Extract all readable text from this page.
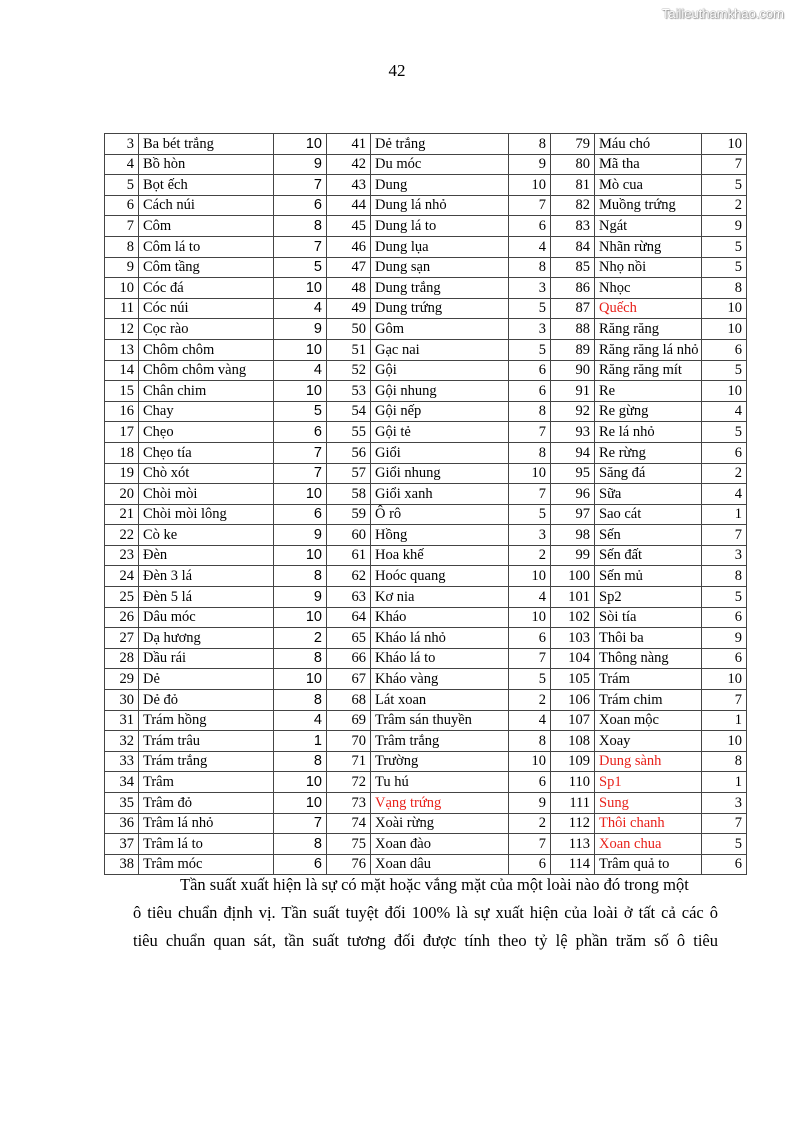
Tailieuthamkhao.com
42
3	Ba bét trắng	10	41	Dẻ trắng	8	79	Máu chó	10
4	Bồ hòn	9	42	Du móc	9	80	Mã tha	7
5	Bọt ếch	7	43	Dung	10	81	Mò cua	5
6	Cách núi	6	44	Dung lá nhỏ	7	82	Muồng trứng	2
7	Côm	8	45	Dung lá to	6	83	Ngát	9
8	Côm lá to	7	46	Dung lụa	4	84	Nhãn rừng	5
9	Côm tầng	5	47	Dung sạn	8	85	Nhọ nồi	5
10	Cóc đá	10	48	Dung trắng	3	86	Nhọc	8
11	Cóc núi	4	49	Dung trứng	5	87	Quếch	10
12	Cọc rào	9	50	Gôm	3	88	Răng răng	10
13	Chôm chôm	10	51	Gạc nai	5	89	Răng răng lá nhỏ	6
14	Chôm chôm vàng	4	52	Gội	6	90	Răng răng mít	5
15	Chân chim	10	53	Gội nhung	6	91	Re	10
16	Chay	5	54	Gội nếp	8	92	Re gừng	4
17	Chẹo	6	55	Gội tẻ	7	93	Re lá nhỏ	5
18	Chẹo tía	7	56	Giổi	8	94	Re rừng	6
19	Chò xót	7	57	Giổi nhung	10	95	Săng đá	2
20	Chòi mòi	10	58	Giổi xanh	7	96	Sữa	4
21	Chòi mòi lông	6	59	Ô rô	5	97	Sao cát	1
22	Cò ke	9	60	Hồng	3	98	Sến	7
23	Đèn	10	61	Hoa khế	2	99	Sến đất	3
24	Đèn 3 lá	8	62	Hoóc quang	10	100	Sến mủ	8
25	Đèn 5 lá	9	63	Kơ nia	4	101	Sp2	5
26	Dâu móc	10	64	Kháo	10	102	Sòi tía	6
27	Dạ hương	2	65	Kháo lá nhỏ	6	103	Thôi ba	9
28	Dầu rái	8	66	Kháo lá to	7	104	Thông nàng	6
29	Dẻ	10	67	Kháo vàng	5	105	Trám	10
30	Dẻ đỏ	8	68	Lát xoan	2	106	Trám chim	7
31	Trám hồng	4	69	Trâm sán thuyền	4	107	Xoan mộc	1
32	Trám trâu	1	70	Trâm trắng	8	108	Xoay	10
33	Trám trắng	8	71	Trường	10	109	Dung sành	8
34	Trâm	10	72	Tu hú	6	110	Sp1	1
35	Trâm đỏ	10	73	Vạng trứng	9	111	Sung	3
36	Trâm lá nhỏ	7	74	Xoài rừng	2	112	Thôi chanh	7
37	Trâm lá to	8	75	Xoan đào	7	113	Xoan chua	5
38	Trâm móc	6	76	Xoan dâu	6	114	Trâm quả to	6

Tần suất xuất hiện là sự có mặt hoặc vắng mặt của một loài nào đó trong một

ô tiêu chuẩn định vị. Tần suất tuyệt đối 100% là sự xuất hiện của loài ở tất cả các ô

tiêu chuẩn quan sát, tần suất tương đối được tính theo tỷ lệ phần trăm số ô tiêu
